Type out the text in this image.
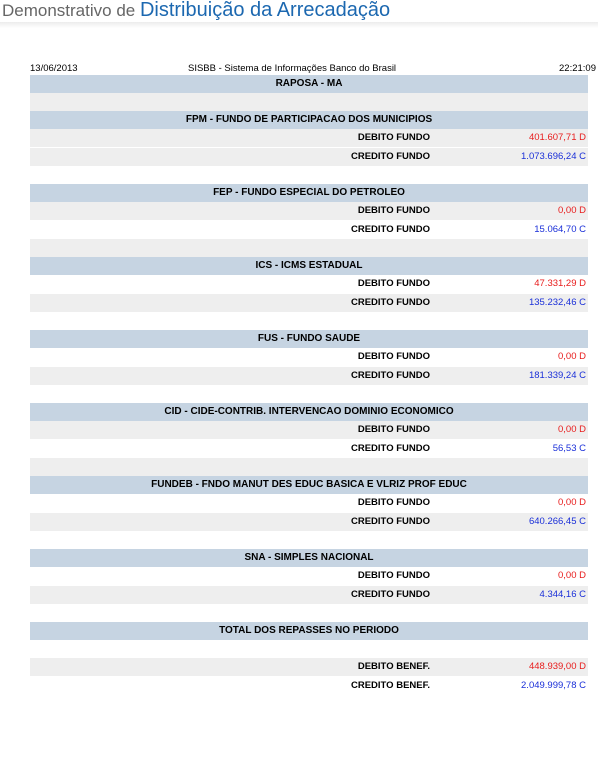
Demonstrativo de Distribuição da Arrecadação
13/06/2013	SISBB - Sistema de Informações Banco do Brasil	22:21:09
RAPOSA - MA
FPM - FUNDO DE PARTICIPACAO DOS MUNICIPIOS
DEBITO FUNDO	401.607,71 D
CREDITO FUNDO	1.073.696,24 C
FEP - FUNDO ESPECIAL DO PETROLEO
DEBITO FUNDO	0,00 D
CREDITO FUNDO	15.064,70 C
ICS - ICMS ESTADUAL
DEBITO FUNDO	47.331,29 D
CREDITO FUNDO	135.232,46 C
FUS - FUNDO SAUDE
DEBITO FUNDO	0,00 D
CREDITO FUNDO	181.339,24 C
CID - CIDE-CONTRIB. INTERVENCAO DOMINIO ECONOMICO
DEBITO FUNDO	0,00 D
CREDITO FUNDO	56,53 C
FUNDEB - FNDO MANUT DES EDUC BASICA E VLRIZ PROF EDUC
DEBITO FUNDO	0,00 D
CREDITO FUNDO	640.266,45 C
SNA - SIMPLES NACIONAL
DEBITO FUNDO	0,00 D
CREDITO FUNDO	4.344,16 C
TOTAL DOS REPASSES NO PERIODO
DEBITO BENEF.	448.939,00 D
CREDITO BENEF.	2.049.999,78 C
